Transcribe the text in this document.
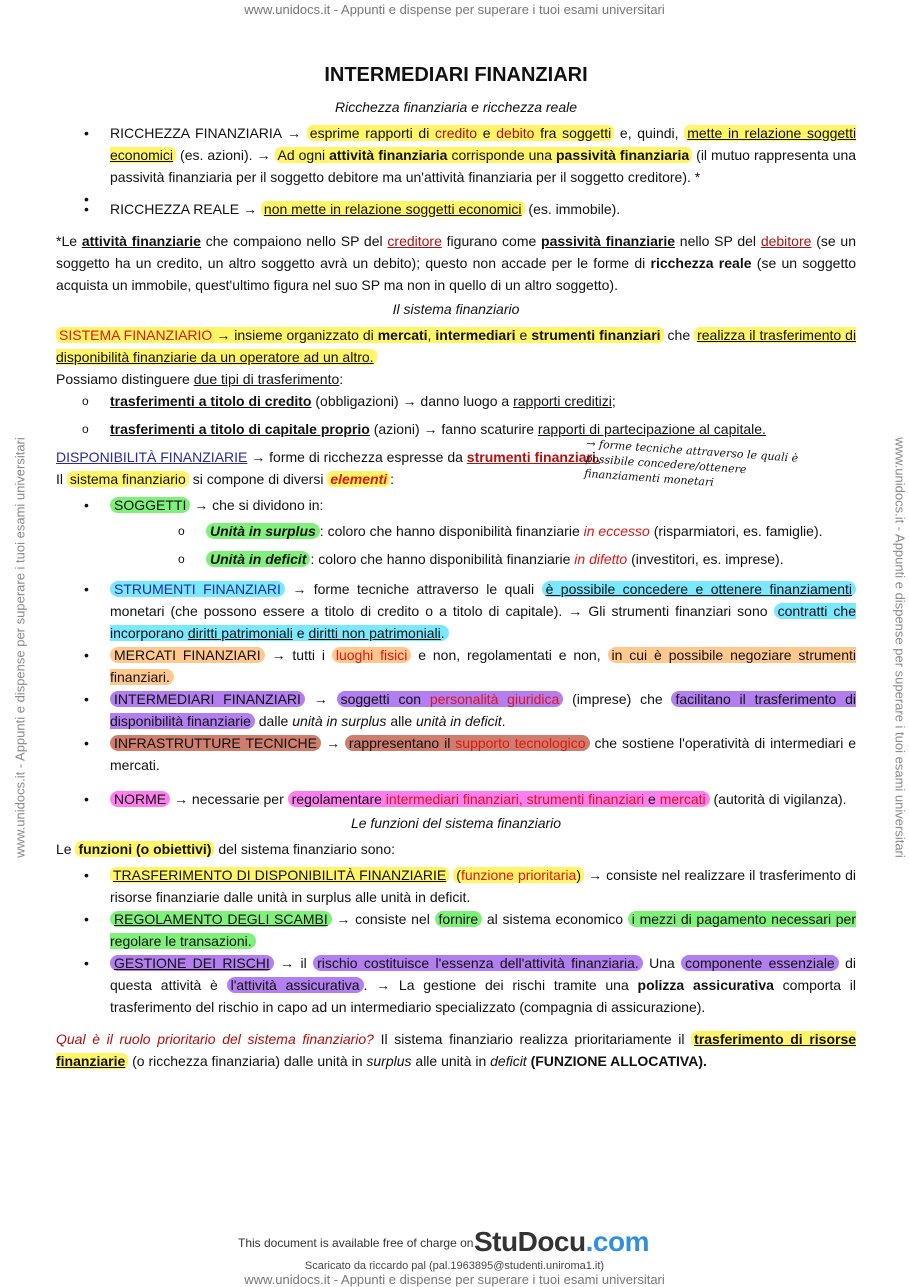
www.unidocs.it - Appunti e dispense per superare i tuoi esami universitari
www.unidocs.it - Appunti e dispense per superare i tuoi esami universitari	www.unidocs.it - Appunti e dispense per superare i tuoi esami universitari
INTERMEDIARI FINANZIARI
Ricchezza finanziaria e ricchezza reale
• RICCHEZZA FINANZIARIA → esprime rapporti di credito e debito fra soggetti e, quindi, mette in relazione soggetti economici (es. azioni). → Ad ogni attività finanziaria corrisponde una passività finanziaria (il mutuo rappresenta una passività finanziaria per il soggetto debitore ma un'attività finanziaria per il soggetto creditore). *
•
• RICCHEZZA REALE → non mette in relazione soggetti economici (es. immobile).

*Le attività finanziarie che compaiono nello SP del creditore figurano come passività finanziarie nello SP del debitore (se un soggetto ha un credito, un altro soggetto avrà un debito); questo non accade per le forme di ricchezza reale (se un soggetto acquista un immobile, quest'ultimo figura nel suo SP ma non in quello di un altro soggetto).

Il sistema finanziario

SISTEMA FINANZIARIO → insieme organizzato di mercati, intermediari e strumenti finanziari che realizza il trasferimento di disponibilità finanziarie da un operatore ad un altro.

Possiamo distinguere due tipi di trasferimento:

o trasferimenti a titolo di credito (obbligazioni) → danno luogo a rapporti creditizi;
o trasferimenti a titolo di capitale proprio (azioni) → fanno scaturire rapporti di partecipazione al capitale.

DISPONIBILITÀ FINANZIARIE → forme di ricchezza espresse da strumenti finanziari.

Il sistema finanziario si compone di diversi elementi :

• SOGGETTI → che si dividono in:
o Unità in surplus : coloro che hanno disponibilità finanziarie in eccesso (risparmiatori, es. famiglie).
o Unità in deficit : coloro che hanno disponibilità finanziarie in difetto (investitori, es. imprese).
• STRUMENTI FINANZIARI → forme tecniche attraverso le quali è possibile concedere e ottenere finanziamenti monetari (che possono essere a titolo di credito o a titolo di capitale). → Gli strumenti finanziari sono contratti che incorporano diritti patrimoniali e diritti non patrimoniali.
• MERCATI FINANZIARI → tutti i luoghi fisici e non, regolamentati e non, in cui è possibile negoziare strumenti finanziari.
• INTERMEDIARI FINANZIARI → soggetti con personalità giuridica (imprese) che facilitano il trasferimento di disponibilità finanziarie dalle unità in surplus alle unità in deficit.
• INFRASTRUTTURE TECNICHE → rappresentano il supporto tecnologico che sostiene l'operatività di intermediari e mercati.
• NORME → necessarie per regolamentare intermediari finanziari, strumenti finanziari e mercati (autorità di vigilanza).
Le funzioni del sistema finanziario

Le funzioni (o obiettivi) del sistema finanziario sono:

• TRASFERIMENTO DI DISPONIBILITÀ FINANZIARIE (funzione prioritaria) → consiste nel realizzare il trasferimento di risorse finanziarie dalle unità in surplus alle unità in deficit.
• REGOLAMENTO DEGLI SCAMBI → consiste nel fornire al sistema economico i mezzi di pagamento necessari per regolare le transazioni.
• GESTIONE DEI RISCHI → il rischio costituisce l'essenza dell'attività finanziaria. Una componente essenziale di questa attività è l'attività assicurativa . → La gestione dei rischi tramite una polizza assicurativa comporta il trasferimento del rischio in capo ad un intermediario specializzato (compagnia di assicurazione).

Qual è il ruolo prioritario del sistema finanziario? Il sistema finanziario realizza prioritariamente il trasferimento di risorse finanziarie (o ricchezza finanziaria) dalle unità in surplus alle unità in deficit (FUNZIONE ALLOCATIVA).

→ forme tecniche attraverso le quali è possibile concedere/ottenere finanziamenti monetari
This document is available free of charge on StuDocu.com
Scaricato da riccardo pal (pal.1963895@studenti.uniroma1.it)
www.unidocs.it - Appunti e dispense per superare i tuoi esami universitari
